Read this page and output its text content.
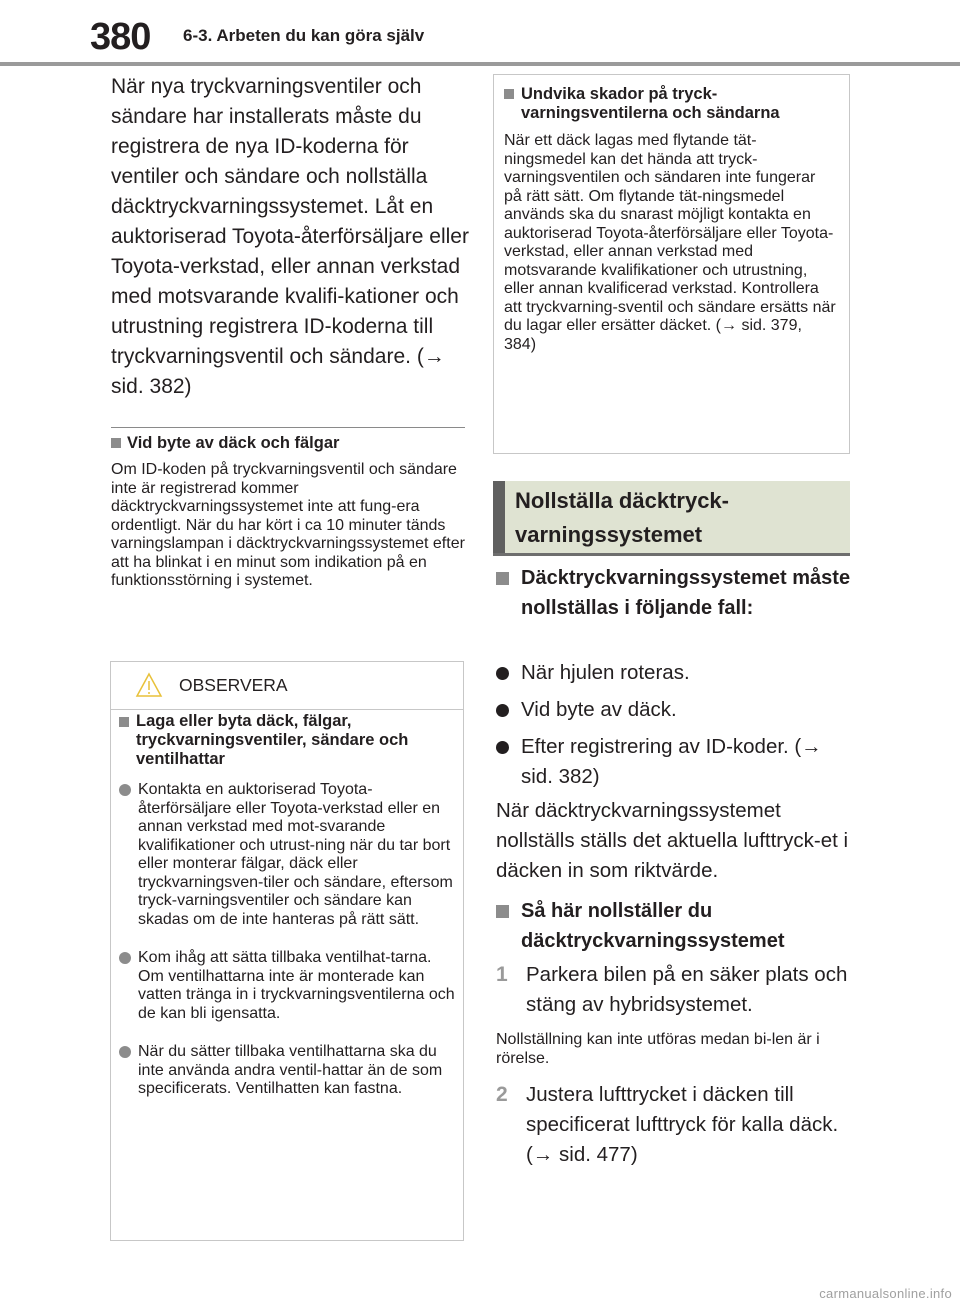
380 6-3. Arbeten du kan göra själv
När nya tryckvarningsventiler och sändare har installerats måste du registrera de nya ID-koderna för ventiler och sändare och nollställa däcktryckvarningssystemet. Låt en auktoriserad Toyota-återförsäljare eller Toyota-verkstad, eller annan verkstad med motsvarande kvalifi-kationer och utrustning registrera ID-koderna till tryckvarningsventil och sändare. (→ sid. 382)
Vid byte av däck och fälgar
Om ID-koden på tryckvarningsventil och sändare inte är registrerad kommer däcktryckvarningssystemet inte att fung-era ordentligt. När du har kört i ca 10 minuter tänds varningslampan i däcktryckvarningssystemet efter att ha blinkat i en minut som indikation på en funktionsstörning i systemet.
OBSERVERA
Laga eller byta däck, fälgar, tryckvarningsventiler, sändare och ventilhattar
Kontakta en auktoriserad Toyota-återförsäljare eller Toyota-verkstad eller en annan verkstad med mot-svarande kvalifikationer och utrust-ning när du tar bort eller monterar fälgar, däck eller tryckvarningsven-tiler och sändare, eftersom tryck-varningsventiler och sändare kan skadas om de inte hanteras på rätt sätt.
Kom ihåg att sätta tillbaka ventilhat-tarna. Om ventilhattarna inte är monterade kan vatten tränga in i tryckvarningsventilerna och de kan bli igensatta.
När du sätter tillbaka ventilhattarna ska du inte använda andra ventil-hattar än de som specificerats. Ventilhatten kan fastna.
Undvika skador på tryck-varningsventilerna och sändarna
När ett däck lagas med flytande tät-ningsmedel kan det hända att tryck-varningsventilen och sändaren inte fungerar på rätt sätt. Om flytande tät-ningsmedel används ska du snarast möjligt kontakta en auktoriserad Toyota-återförsäljare eller Toyota-verkstad, eller annan verkstad med motsvarande kvalifikationer och utrustning, eller annan kvalificerad verkstad. Kontrollera att tryckvarning-sventil och sändare ersätts när du lagar eller ersätter däcket. (→ sid. 379, 384)
Nollställa däcktryck-varningssystemet
Däcktryckvarningssystemet måste nollställas i följande fall:
När hjulen roteras.
Vid byte av däck.
Efter registrering av ID-koder. (→ sid. 382)
När däcktryckvarningssystemet nollställs ställs det aktuella lufttryck-et i däcken in som riktvärde.
Så här nollställer du däcktryckvarningssystemet
1 Parkera bilen på en säker plats och stäng av hybridsystemet.
Nollställning kan inte utföras medan bi-len är i rörelse.
2 Justera lufttrycket i däcken till specificerat lufttryck för kalla däck. (→ sid. 477)
carmanualsonline.info
